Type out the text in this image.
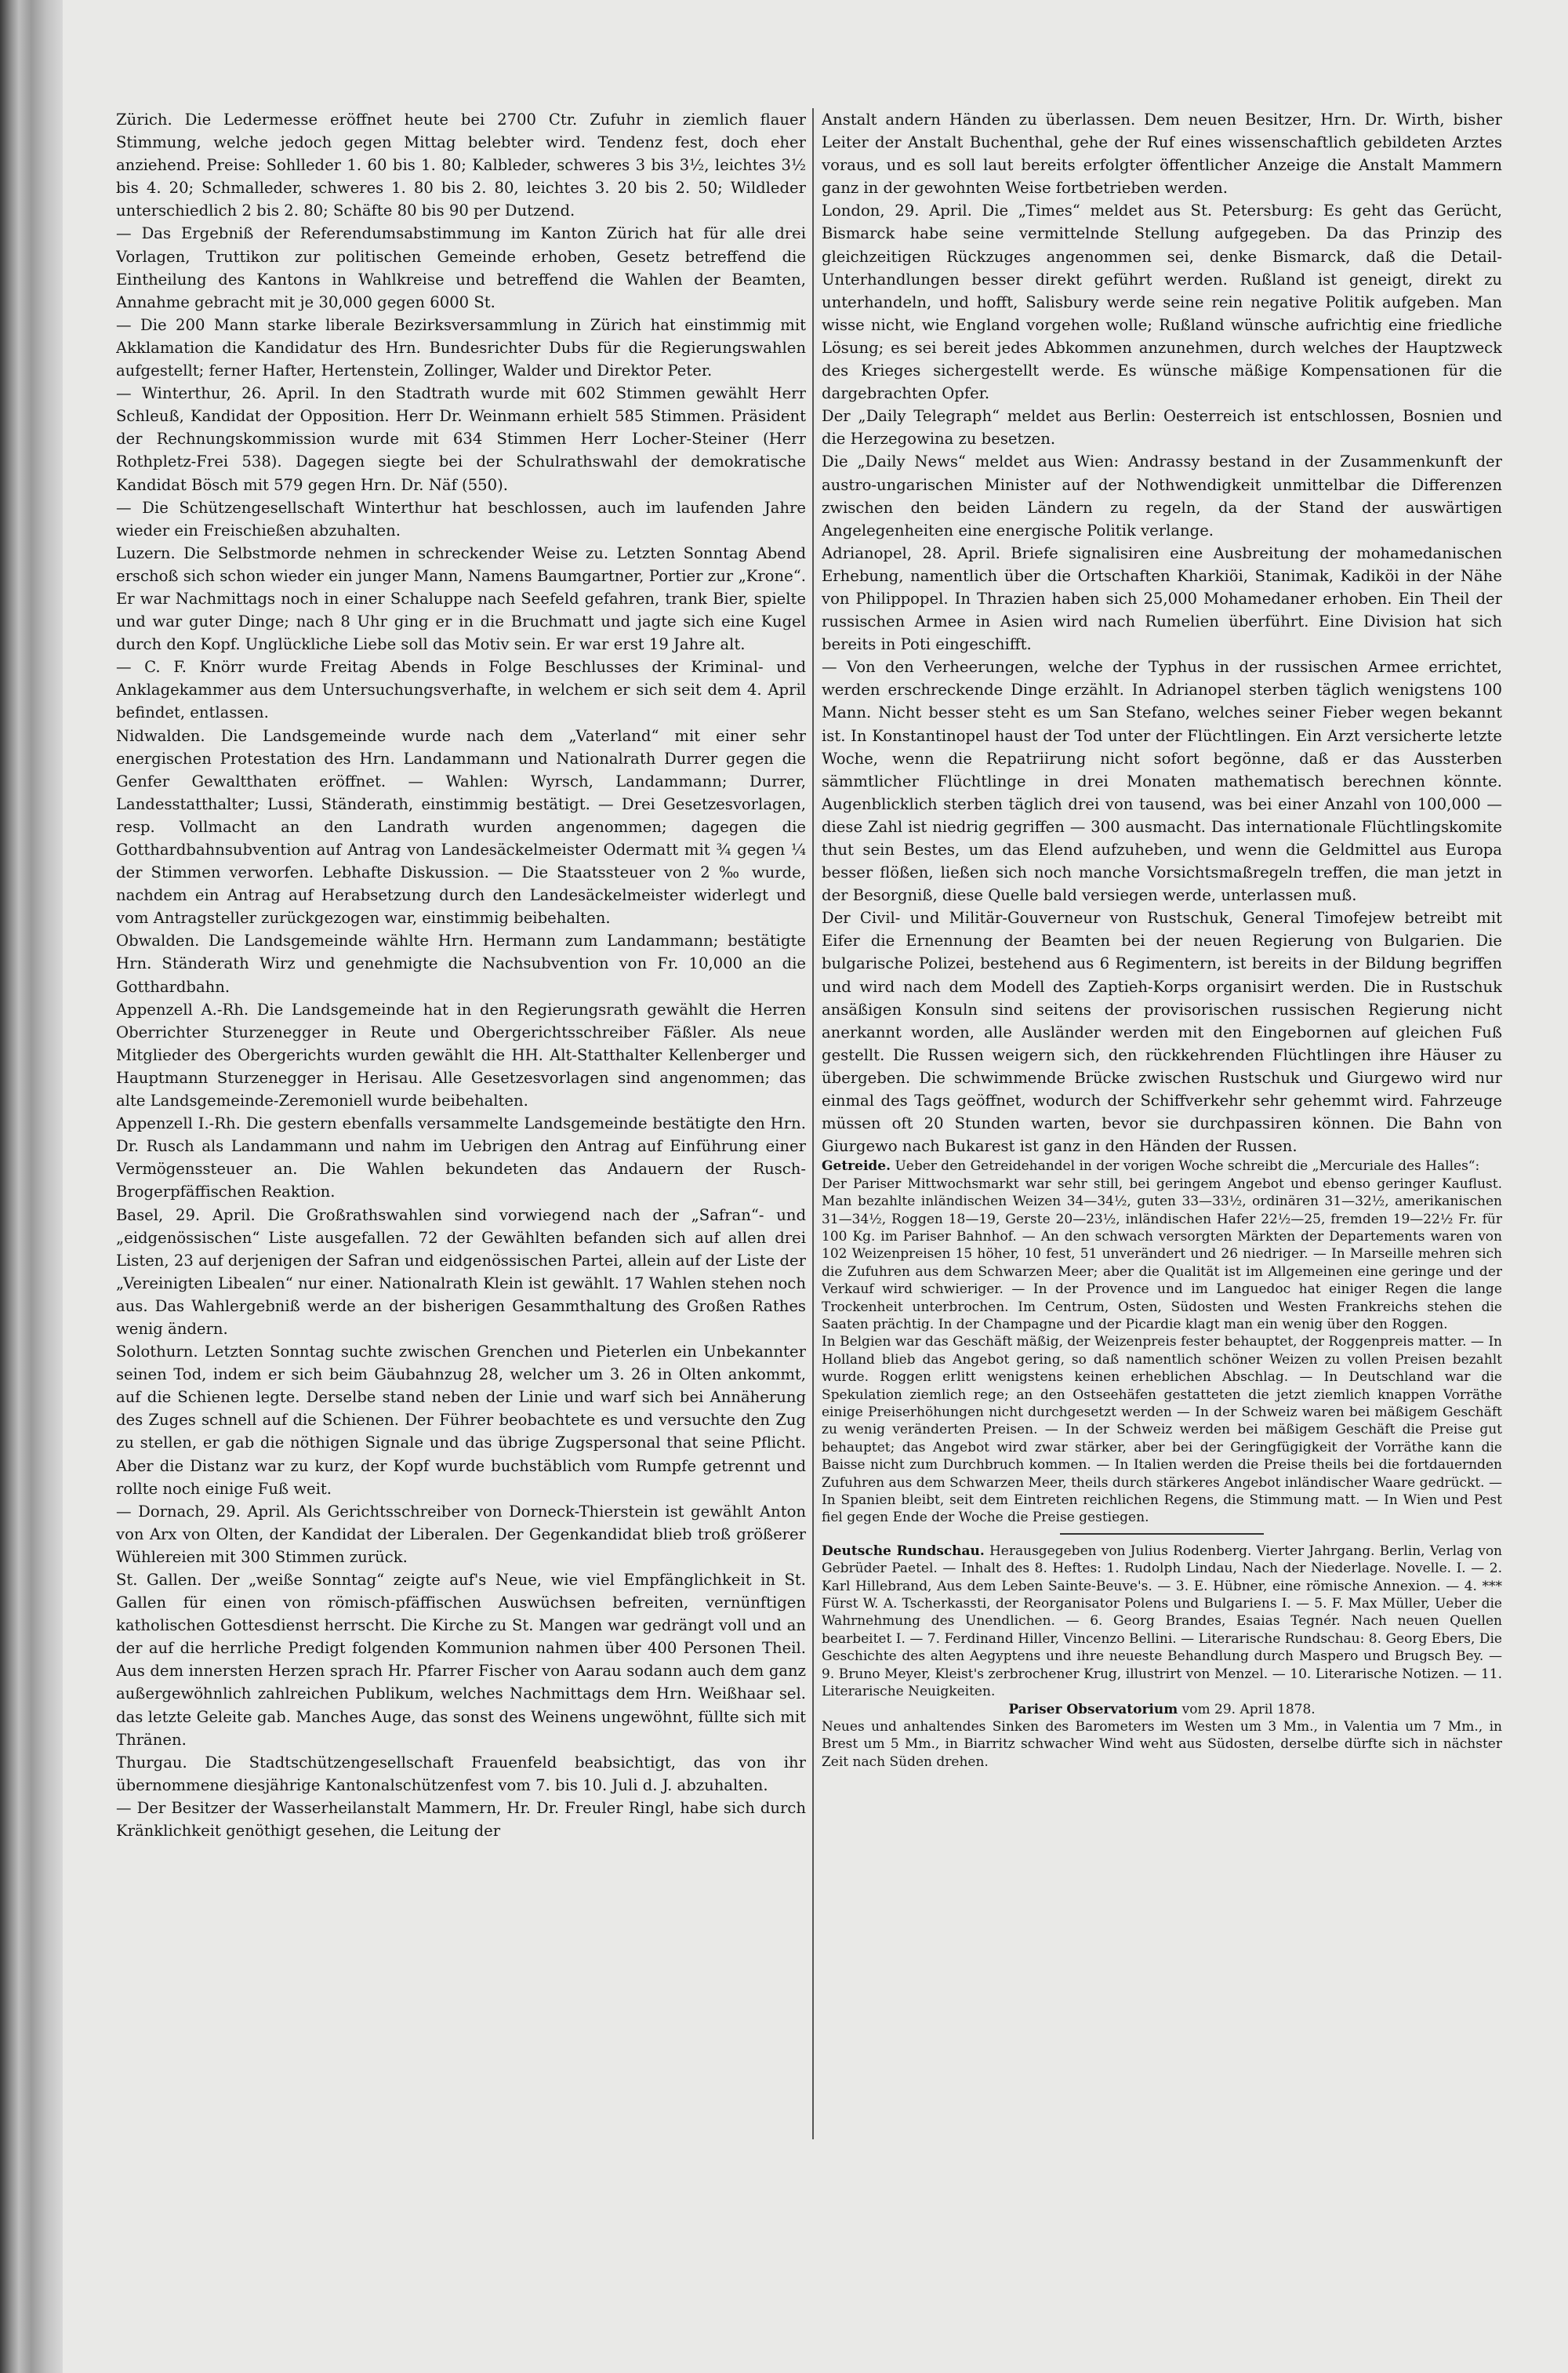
Zürich. Die Ledermesse eröffnet heute bei 2700 Ctr. Zufuhr in ziemlich flauer Stimmung, welche jedoch gegen Mittag belebter wird. Tendenz fest, doch eher anziehend. Preise: Sohlleder 1. 60 bis 1. 80; Kalbleder, schweres 3 bis 3½, leichtes 3½ bis 4. 20; Schmalleder, schweres 1. 80 bis 2. 80, leichtes 3. 20 bis 2. 50; Wildleder unterschiedlich 2 bis 2. 80; Schäfte 80 bis 90 per Dutzend.

— Das Ergebniß der Referendumsabstimmung im Kanton Zürich hat für alle drei Vorlagen, Truttikon zur politischen Gemeinde erhoben, Gesetz betreffend die Eintheilung des Kantons in Wahlkreise und betreffend die Wahlen der Beamten, Annahme gebracht mit je 30,000 gegen 6000 St.

— Die 200 Mann starke liberale Bezirksversammlung in Zürich hat einstimmig mit Akklamation die Kandidatur des Hrn. Bundesrichter Dubs für die Regierungswahlen aufgestellt; ferner Hafter, Hertenstein, Zollinger, Walder und Direktor Peter.

— Winterthur, 26. April. In den Stadtrath wurde mit 602 Stimmen gewählt Herr Schleuß, Kandidat der Opposition. Herr Dr. Weinmann erhielt 585 Stimmen. Präsident der Rechnungskommission wurde mit 634 Stimmen Herr Locher-Steiner (Herr Rothpletz-Frei 538). Dagegen siegte bei der Schulrathswahl der demokratische Kandidat Bösch mit 579 gegen Hrn. Dr. Näf (550).

— Die Schützengesellschaft Winterthur hat beschlossen, auch im laufenden Jahre wieder ein Freischießen abzuhalten.

Luzern. Die Selbstmorde nehmen in schreckender Weise zu. Letzten Sonntag Abend erschoß sich schon wieder ein junger Mann, Namens Baumgartner, Portier zur „Krone“. Er war Nachmittags noch in einer Schaluppe nach Seefeld gefahren, trank Bier, spielte und war guter Dinge; nach 8 Uhr ging er in die Bruchmatt und jagte sich eine Kugel durch den Kopf. Unglückliche Liebe soll das Motiv sein. Er war erst 19 Jahre alt.

— C. F. Knörr wurde Freitag Abends in Folge Beschlusses der Kriminal- und Anklagekammer aus dem Untersuchungsverhafte, in welchem er sich seit dem 4. April befindet, entlassen.

Nidwalden. Die Landsgemeinde wurde nach dem „Vaterland“ mit einer sehr energischen Protestation des Hrn. Landammann und Nationalrath Durrer gegen die Genfer Gewaltthaten eröffnet. — Wahlen: Wyrsch, Landammann; Durrer, Landesstatthalter; Lussi, Ständerath, einstimmig bestätigt. — Drei Gesetzesvorlagen, resp. Vollmacht an den Landrath wurden angenommen; dagegen die Gotthardbahnsubvention auf Antrag von Landesäckelmeister Odermatt mit ¾ gegen ¼ der Stimmen verworfen. Lebhafte Diskussion. — Die Staatssteuer von 2 ‰ wurde, nachdem ein Antrag auf Herabsetzung durch den Landesäckelmeister widerlegt und vom Antragsteller zurückgezogen war, einstimmig beibehalten.

Obwalden. Die Landsgemeinde wählte Hrn. Hermann zum Landammann; bestätigte Hrn. Ständerath Wirz und genehmigte die Nachsubvention von Fr. 10,000 an die Gotthardbahn.

Appenzell A.-Rh. Die Landsgemeinde hat in den Regierungsrath gewählt die Herren Oberrichter Sturzenegger in Reute und Obergerichtsschreiber Fäßler. Als neue Mitglieder des Obergerichts wurden gewählt die HH. Alt-Statthalter Kellenberger und Hauptmann Sturzenegger in Herisau. Alle Gesetzesvorlagen sind angenommen; das alte Landsgemeinde-Zeremoniell wurde beibehalten.

Appenzell I.-Rh. Die gestern ebenfalls versammelte Landsgemeinde bestätigte den Hrn. Dr. Rusch als Landammann und nahm im Uebrigen den Antrag auf Einführung einer Vermögenssteuer an. Die Wahlen bekundeten das Andauern der Rusch-Brogerpfäffischen Reaktion.

Basel, 29. April. Die Großrathswahlen sind vorwiegend nach der „Safran“- und „eidgenössischen“ Liste ausgefallen. 72 der Gewählten befanden sich auf allen drei Listen, 23 auf derjenigen der Safran und eidgenössischen Partei, allein auf der Liste der „Vereinigten Libealen“ nur einer. Nationalrath Klein ist gewählt. 17 Wahlen stehen noch aus. Das Wahlergebniß werde an der bisherigen Gesammthaltung des Großen Rathes wenig ändern.

Solothurn. Letzten Sonntag suchte zwischen Grenchen und Pieterlen ein Unbekannter seinen Tod, indem er sich beim Gäubahnzug 28, welcher um 3. 26 in Olten ankommt, auf die Schienen legte. Derselbe stand neben der Linie und warf sich bei Annäherung des Zuges schnell auf die Schienen. Der Führer beobachtete es und versuchte den Zug zu stellen, er gab die nöthigen Signale und das übrige Zugspersonal that seine Pflicht. Aber die Distanz war zu kurz, der Kopf wurde buchstäblich vom Rumpfe getrennt und rollte noch einige Fuß weit.

— Dornach, 29. April. Als Gerichtsschreiber von Dorneck-Thierstein ist gewählt Anton von Arx von Olten, der Kandidat der Liberalen. Der Gegenkandidat blieb troß größerer Wühlereien mit 300 Stimmen zurück.

St. Gallen. Der „weiße Sonntag“ zeigte auf's Neue, wie viel Empfänglichkeit in St. Gallen für einen von römisch-pfäffischen Auswüchsen befreiten, vernünftigen katholischen Gottesdienst herrscht. Die Kirche zu St. Mangen war gedrängt voll und an der auf die herrliche Predigt folgenden Kommunion nahmen über 400 Personen Theil. Aus dem innersten Herzen sprach Hr. Pfarrer Fischer von Aarau sodann auch dem ganz außergewöhnlich zahlreichen Publikum, welches Nachmittags dem Hrn. Weißhaar sel. das letzte Geleite gab. Manches Auge, das sonst des Weinens ungewöhnt, füllte sich mit Thränen.

Thurgau. Die Stadtschützengesellschaft Frauenfeld beabsichtigt, das von ihr übernommene diesjährige Kantonalschützenfest vom 7. bis 10. Juli d. J. abzuhalten.

— Der Besitzer der Wasserheilanstalt Mammern, Hr. Dr. Freuler Ringl, habe sich durch Kränklichkeit genöthigt gesehen, die Leitung der

Anstalt andern Händen zu überlassen. Dem neuen Besitzer, Hrn. Dr. Wirth, bisher Leiter der Anstalt Buchenthal, gehe der Ruf eines wissenschaftlich gebildeten Arztes voraus, und es soll laut bereits erfolgter öffentlicher Anzeige die Anstalt Mammern ganz in der gewohnten Weise fortbetrieben werden.

London, 29. April. Die „Times“ meldet aus St. Petersburg: Es geht das Gerücht, Bismarck habe seine vermittelnde Stellung aufgegeben. Da das Prinzip des gleichzeitigen Rückzuges angenommen sei, denke Bismarck, daß die Detail-Unterhandlungen besser direkt geführt werden. Rußland ist geneigt, direkt zu unterhandeln, und hofft, Salisbury werde seine rein negative Politik aufgeben. Man wisse nicht, wie England vorgehen wolle; Rußland wünsche aufrichtig eine friedliche Lösung; es sei bereit jedes Abkommen anzunehmen, durch welches der Hauptzweck des Krieges sichergestellt werde. Es wünsche mäßige Kompensationen für die dargebrachten Opfer.

Der „Daily Telegraph“ meldet aus Berlin: Oesterreich ist entschlossen, Bosnien und die Herzegowina zu besetzen.

Die „Daily News“ meldet aus Wien: Andrassy bestand in der Zusammenkunft der austro-ungarischen Minister auf der Nothwendigkeit unmittelbar die Differenzen zwischen den beiden Ländern zu regeln, da der Stand der auswärtigen Angelegenheiten eine energische Politik verlange.

Adrianopel, 28. April. Briefe signalisiren eine Ausbreitung der mohamedanischen Erhebung, namentlich über die Ortschaften Kharkiöi, Stanimak, Kadiköi in der Nähe von Philippopel. In Thrazien haben sich 25,000 Mohamedaner erhoben. Ein Theil der russischen Armee in Asien wird nach Rumelien überführt. Eine Division hat sich bereits in Poti eingeschifft.

— Von den Verheerungen, welche der Typhus in der russischen Armee errichtet, werden erschreckende Dinge erzählt. In Adrianopel sterben täglich wenigstens 100 Mann. Nicht besser steht es um San Stefano, welches seiner Fieber wegen bekannt ist. In Konstantinopel haust der Tod unter der Flüchtlingen. Ein Arzt versicherte letzte Woche, wenn die Repatriirung nicht sofort begönne, daß er das Aussterben sämmtlicher Flüchtlinge in drei Monaten mathematisch berechnen könnte. Augenblicklich sterben täglich drei von tausend, was bei einer Anzahl von 100,000 — diese Zahl ist niedrig gegriffen — 300 ausmacht. Das internationale Flüchtlingskomite thut sein Bestes, um das Elend aufzuheben, und wenn die Geldmittel aus Europa besser flößen, ließen sich noch manche Vorsichtsmaßregeln treffen, die man jetzt in der Besorgniß, diese Quelle bald versiegen werde, unterlassen muß.

Der Civil- und Militär-Gouverneur von Rustschuk, General Timofejew betreibt mit Eifer die Ernennung der Beamten bei der neuen Regierung von Bulgarien. Die bulgarische Polizei, bestehend aus 6 Regimentern, ist bereits in der Bildung begriffen und wird nach dem Modell des Zaptieh-Korps organisirt werden. Die in Rustschuk ansäßigen Konsuln sind seitens der provisorischen russischen Regierung nicht anerkannt worden, alle Ausländer werden mit den Eingebornen auf gleichen Fuß gestellt. Die Russen weigern sich, den rückkehrenden Flüchtlingen ihre Häuser zu übergeben. Die schwimmende Brücke zwischen Rustschuk und Giurgewo wird nur einmal des Tags geöffnet, wodurch der Schiffverkehr sehr gehemmt wird. Fahrzeuge müssen oft 20 Stunden warten, bevor sie durchpassiren können. Die Bahn von Giurgewo nach Bukarest ist ganz in den Händen der Russen.

Getreide. Ueber den Getreidehandel in der vorigen Woche schreibt die „Mercuriale des Halles“:

Der Pariser Mittwochsmarkt war sehr still, bei geringem Angebot und ebenso geringer Kauflust. Man bezahlte inländischen Weizen 34—34½, guten 33—33½, ordinären 31—32½, amerikanischen 31—34½, Roggen 18—19, Gerste 20—23½, inländischen Hafer 22½—25, fremden 19—22½ Fr. für 100 Kg. im Pariser Bahnhof. — An den schwach versorgten Märkten der Departements waren von 102 Weizenpreisen 15 höher, 10 fest, 51 unverändert und 26 niedriger. — In Marseille mehren sich die Zufuhren aus dem Schwarzen Meer; aber die Qualität ist im Allgemeinen eine geringe und der Verkauf wird schwieriger. — In der Provence und im Languedoc hat einiger Regen die lange Trockenheit unterbrochen. Im Centrum, Osten, Südosten und Westen Frankreichs stehen die Saaten prächtig. In der Champagne und der Picardie klagt man ein wenig über den Roggen.

In Belgien war das Geschäft mäßig, der Weizenpreis fester behauptet, der Roggenpreis matter. — In Holland blieb das Angebot gering, so daß namentlich schöner Weizen zu vollen Preisen bezahlt wurde. Roggen erlitt wenigstens keinen erheblichen Abschlag. — In Deutschland war die Spekulation ziemlich rege; an den Ostseehäfen gestatteten die jetzt ziemlich knappen Vorräthe einige Preiserhöhungen nicht durchgesetzt werden — In der Schweiz waren bei mäßigem Geschäft zu wenig veränderten Preisen. — In der Schweiz werden bei mäßigem Geschäft die Preise gut behauptet; das Angebot wird zwar stärker, aber bei der Geringfügigkeit der Vorräthe kann die Baisse nicht zum Durchbruch kommen. — In Italien werden die Preise theils bei die fortdauernden Zufuhren aus dem Schwarzen Meer, theils durch stärkeres Angebot inländischer Waare gedrückt. — In Spanien bleibt, seit dem Eintreten reichlichen Regens, die Stimmung matt. — In Wien und Pest fiel gegen Ende der Woche die Preise gestiegen.

Deutsche Rundschau. Herausgegeben von Julius Rodenberg. Vierter Jahrgang. Berlin, Verlag von Gebrüder Paetel. — Inhalt des 8. Heftes: 1. Rudolph Lindau, Nach der Niederlage. Novelle. I. — 2. Karl Hillebrand, Aus dem Leben Sainte-Beuve's. — 3. E. Hübner, eine römische Annexion. — 4. *** Fürst W. A. Tscherkassti, der Reorganisator Polens und Bulgariens I. — 5. F. Max Müller, Ueber die Wahrnehmung des Unendlichen. — 6. Georg Brandes, Esaias Tegnér. Nach neuen Quellen bearbeitet I. — 7. Ferdinand Hiller, Vincenzo Bellini. — Literarische Rundschau: 8. Georg Ebers, Die Geschichte des alten Aegyptens und ihre neueste Behandlung durch Maspero und Brugsch Bey. — 9. Bruno Meyer, Kleist's zerbrochener Krug, illustrirt von Menzel. — 10. Literarische Notizen. — 11. Literarische Neuigkeiten.

Pariser Observatorium vom 29. April 1878.

Neues und anhaltendes Sinken des Barometers im Westen um 3 Mm., in Valentia um 7 Mm., in Brest um 5 Mm., in Biarritz schwacher Wind weht aus Südosten, derselbe dürfte sich in nächster Zeit nach Süden drehen.
